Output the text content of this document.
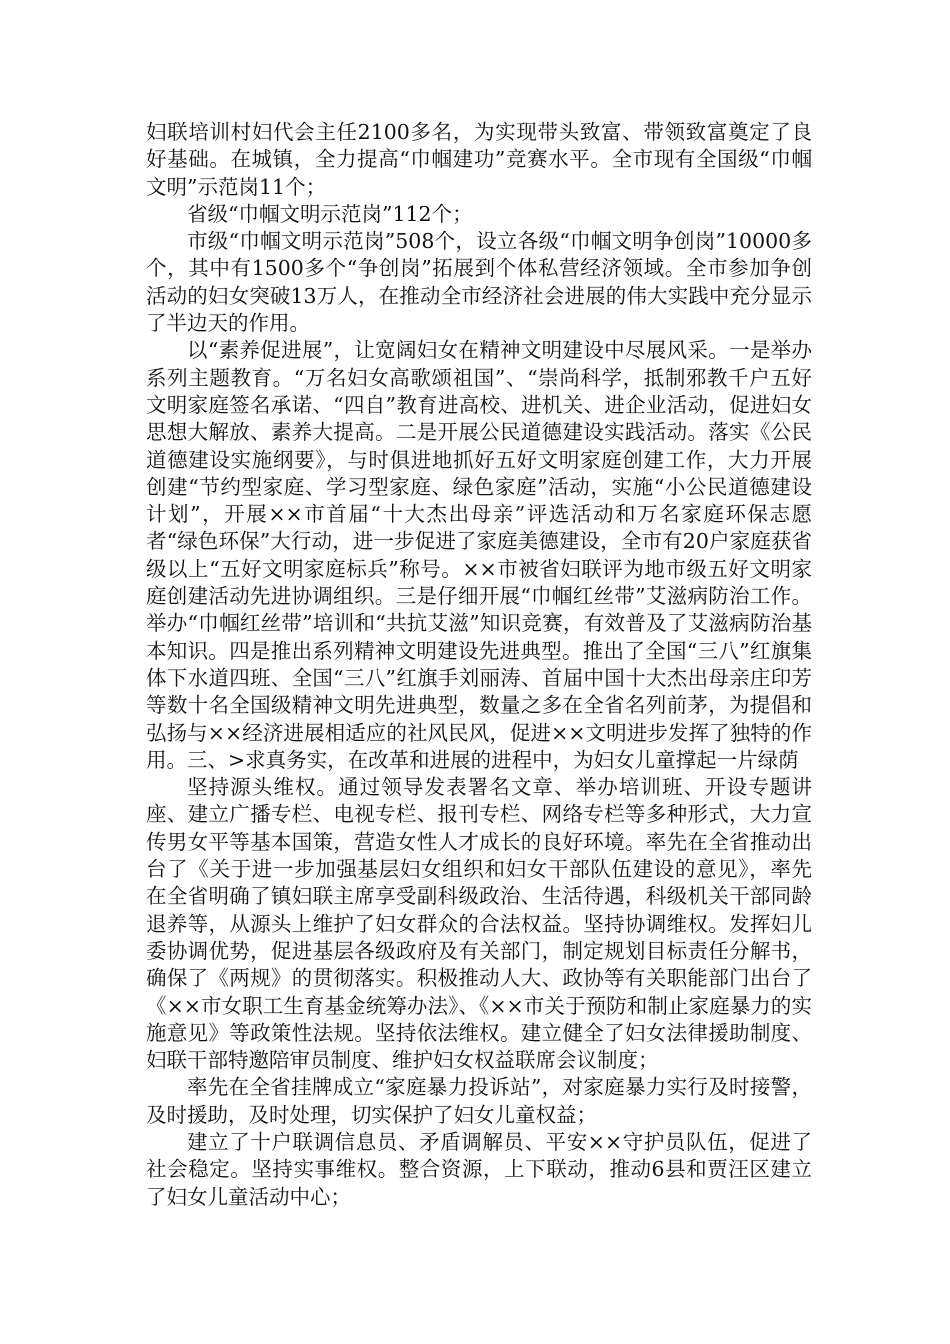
妇联培训村妇代会主任2100多名，为实现带头致富、带领致富奠定了良好基础。在城镇，全力提高“巾帼建功”竞赛水平。全市现有全国级“巾帼文明”示范岗11个；

省级“巾帼文明示范岗”112个；

市级“巾帼文明示范岗”508个，设立各级“巾帼文明争创岗”10000多个，其中有1500多个“争创岗”拓展到个体私营经济领域。全市参加争创活动的妇女突破13万人，在推动全市经济社会进展的伟大实践中充分显示了半边天的作用。

以“素养促进展”，让宽阔妇女在精神文明建设中尽展风采。一是举办系列主题教育。“万名妇女高歌颂祖国”、“崇尚科学，抵制邪教千户五好文明家庭签名承诺、“四自”教育进高校、进机关、进企业活动，促进妇女思想大解放、素养大提高。二是开展公民道德建设实践活动。落实《公民道德建设实施纲要》，与时俱进地抓好五好文明家庭创建工作，大力开展创建“节约型家庭、学习型家庭、绿色家庭”活动，实施“小公民道德建设计划”，开展××市首届“十大杰出母亲”评选活动和万名家庭环保志愿者“绿色环保”大行动，进一步促进了家庭美德建设，全市有20户家庭获省级以上“五好文明家庭标兵”称号。××市被省妇联评为地市级五好文明家庭创建活动先进协调组织。三是仔细开展“巾帼红丝带”艾滋病防治工作。举办“巾帼红丝带”培训和“共抗艾滋”知识竞赛，有效普及了艾滋病防治基本知识。四是推出系列精神文明建设先进典型。推出了全国“三八”红旗集体下水道四班、全国“三八”红旗手刘丽涛、首届中国十大杰出母亲庄印芳等数十名全国级精神文明先进典型，数量之多在全省名列前茅，为提倡和弘扬与××经济进展相适应的社风民风，促进××文明进步发挥了独特的作用。三、>求真务实，在改革和进展的进程中，为妇女儿童撑起一片绿荫

坚持源头维权。通过领导发表署名文章、举办培训班、开设专题讲座、建立广播专栏、电视专栏、报刊专栏、网络专栏等多种形式，大力宣传男女平等基本国策，营造女性人才成长的良好环境。率先在全省推动出台了《关于进一步加强基层妇女组织和妇女干部队伍建设的意见》，率先在全省明确了镇妇联主席享受副科级政治、生活待遇，科级机关干部同龄退养等，从源头上维护了妇女群众的合法权益。坚持协调维权。发挥妇儿委协调优势，促进基层各级政府及有关部门，制定规划目标责任分解书，确保了《两规》的贯彻落实。积极推动人大、政协等有关职能部门出台了《××市女职工生育基金统筹办法》、《××市关于预防和制止家庭暴力的实施意见》等政策性法规。坚持依法维权。建立健全了妇女法律援助制度、妇联干部特邀陪审员制度、维护妇女权益联席会议制度；

率先在全省挂牌成立“家庭暴力投诉站”，对家庭暴力实行及时接警，及时援助，及时处理，切实保护了妇女儿童权益；

建立了十户联调信息员、矛盾调解员、平安××守护员队伍，促进了社会稳定。坚持实事维权。整合资源，上下联动，推动6县和贾汪区建立了妇女儿童活动中心；
